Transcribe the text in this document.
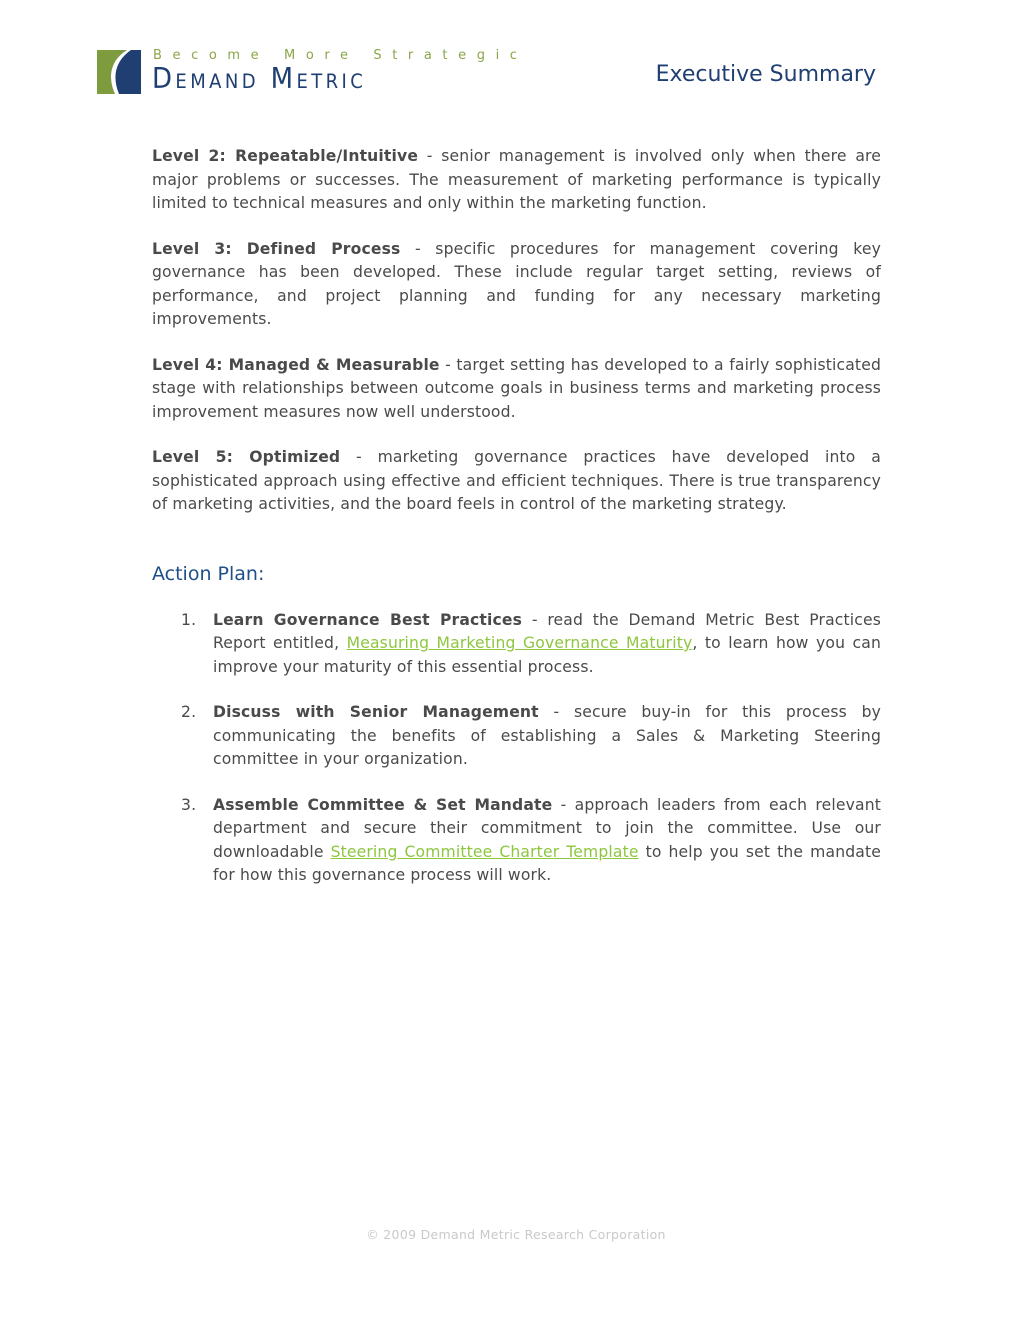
Become More Strategic
Demand Metric	Executive Summary

Level 2: Repeatable/Intuitive - senior management is involved only when there are major problems or successes. The measurement of marketing performance is typically limited to technical measures and only within the marketing function.

Level 3: Defined Process - specific procedures for management covering key governance has been developed. These include regular target setting, reviews of performance, and project planning and funding for any necessary marketing improvements.

Level 4: Managed & Measurable - target setting has developed to a fairly sophisticated stage with relationships between outcome goals in business terms and marketing process improvement measures now well understood.

Level 5: Optimized - marketing governance practices have developed into a sophisticated approach using effective and efficient techniques. There is true transparency of marketing activities, and the board feels in control of the marketing strategy.

Action Plan:
1. Learn Governance Best Practices - read the Demand Metric Best Practices Report entitled, Measuring Marketing Governance Maturity, to learn how you can improve your maturity of this essential process.
2. Discuss with Senior Management - secure buy-in for this process by communicating the benefits of establishing a Sales & Marketing Steering committee in your organization.
3. Assemble Committee & Set Mandate - approach leaders from each relevant department and secure their commitment to join the committee. Use our downloadable Steering Committee Charter Template to help you set the mandate for how this governance process will work.
© 2009 Demand Metric Research Corporation
